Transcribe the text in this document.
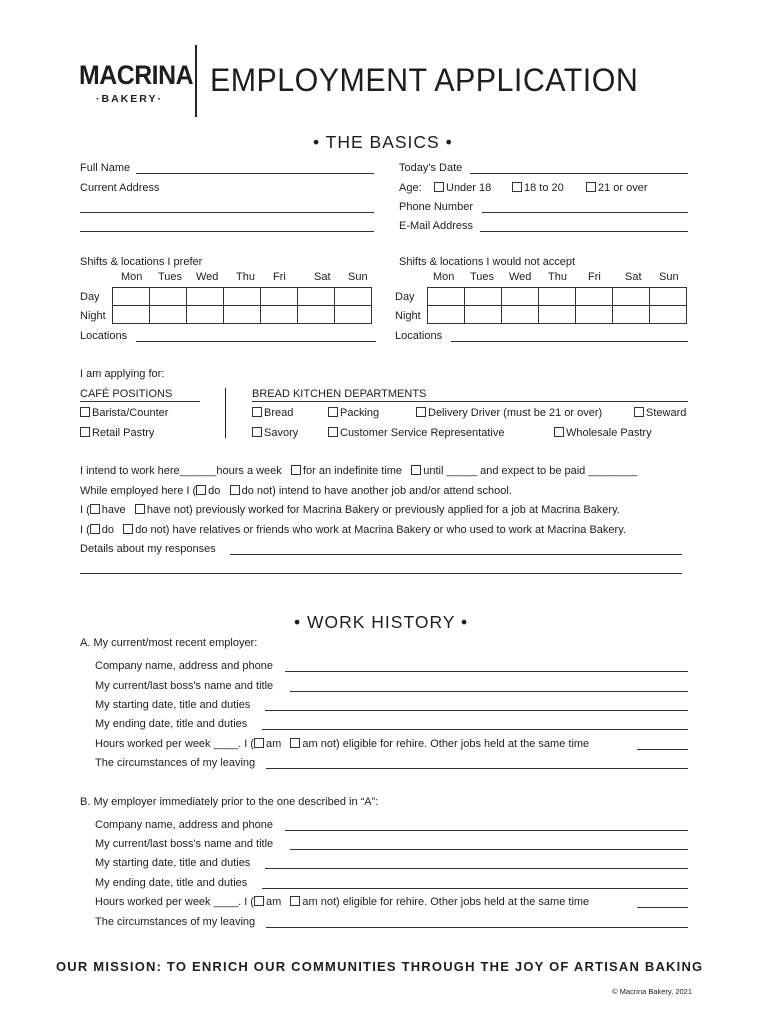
MACRINA
·BAKERY·
EMPLOYMENT APPLICATION
• THE BASICS •
Full Name
Current Address
Today's Date
Age:	Under 18	18 to 20	21 or over
Phone Number
E-Mail Address
Shifts & locations I prefer
Mon Tues Wed Thu Fri	Sat Sun
Day
Night

Locations
Shifts & locations I would not accept
Mon Tues Wed Thu Fri Sat Sun
Day
Night

Locations
I am applying for:
CAFÉ POSITIONS	BREAD KITCHEN DEPARTMENTS
Barista/Counter
Retail Pastry
Bread	Packing	Delivery Driver (must be 21 or over)	Steward
Savory	Customer Service Representative	Wholesale Pastry
I intend to work here______hours a week for an indefinite time until _____ and expect to be paid ________
While employed here I ( do do not) intend to have another job and/or attend school.
I ( have have not) previously worked for Macrina Bakery or previously applied for a job at Macrina Bakery.
I ( do do not) have relatives or friends who work at Macrina Bakery or who used to work at Macrina Bakery.
Details about my responses
• WORK HISTORY •
A. My current/most recent employer:
Company name, address and phone
My current/last boss's name and title
My starting date, title and duties
My ending date, title and duties
Hours worked per week ____. I ( am am not) eligible for rehire. Other jobs held at the same time
The circumstances of my leaving
B. My employer immediately prior to the one described in “A”:
Company name, address and phone
My current/last boss's name and title
My starting date, title and duties
My ending date, title and duties
Hours worked per week ____. I ( am am not) eligible for rehire. Other jobs held at the same time
The circumstances of my leaving
OUR MISSION: TO ENRICH OUR COMMUNITIES THROUGH THE JOY OF ARTISAN BAKING
© Macrina Bakery, 2021
